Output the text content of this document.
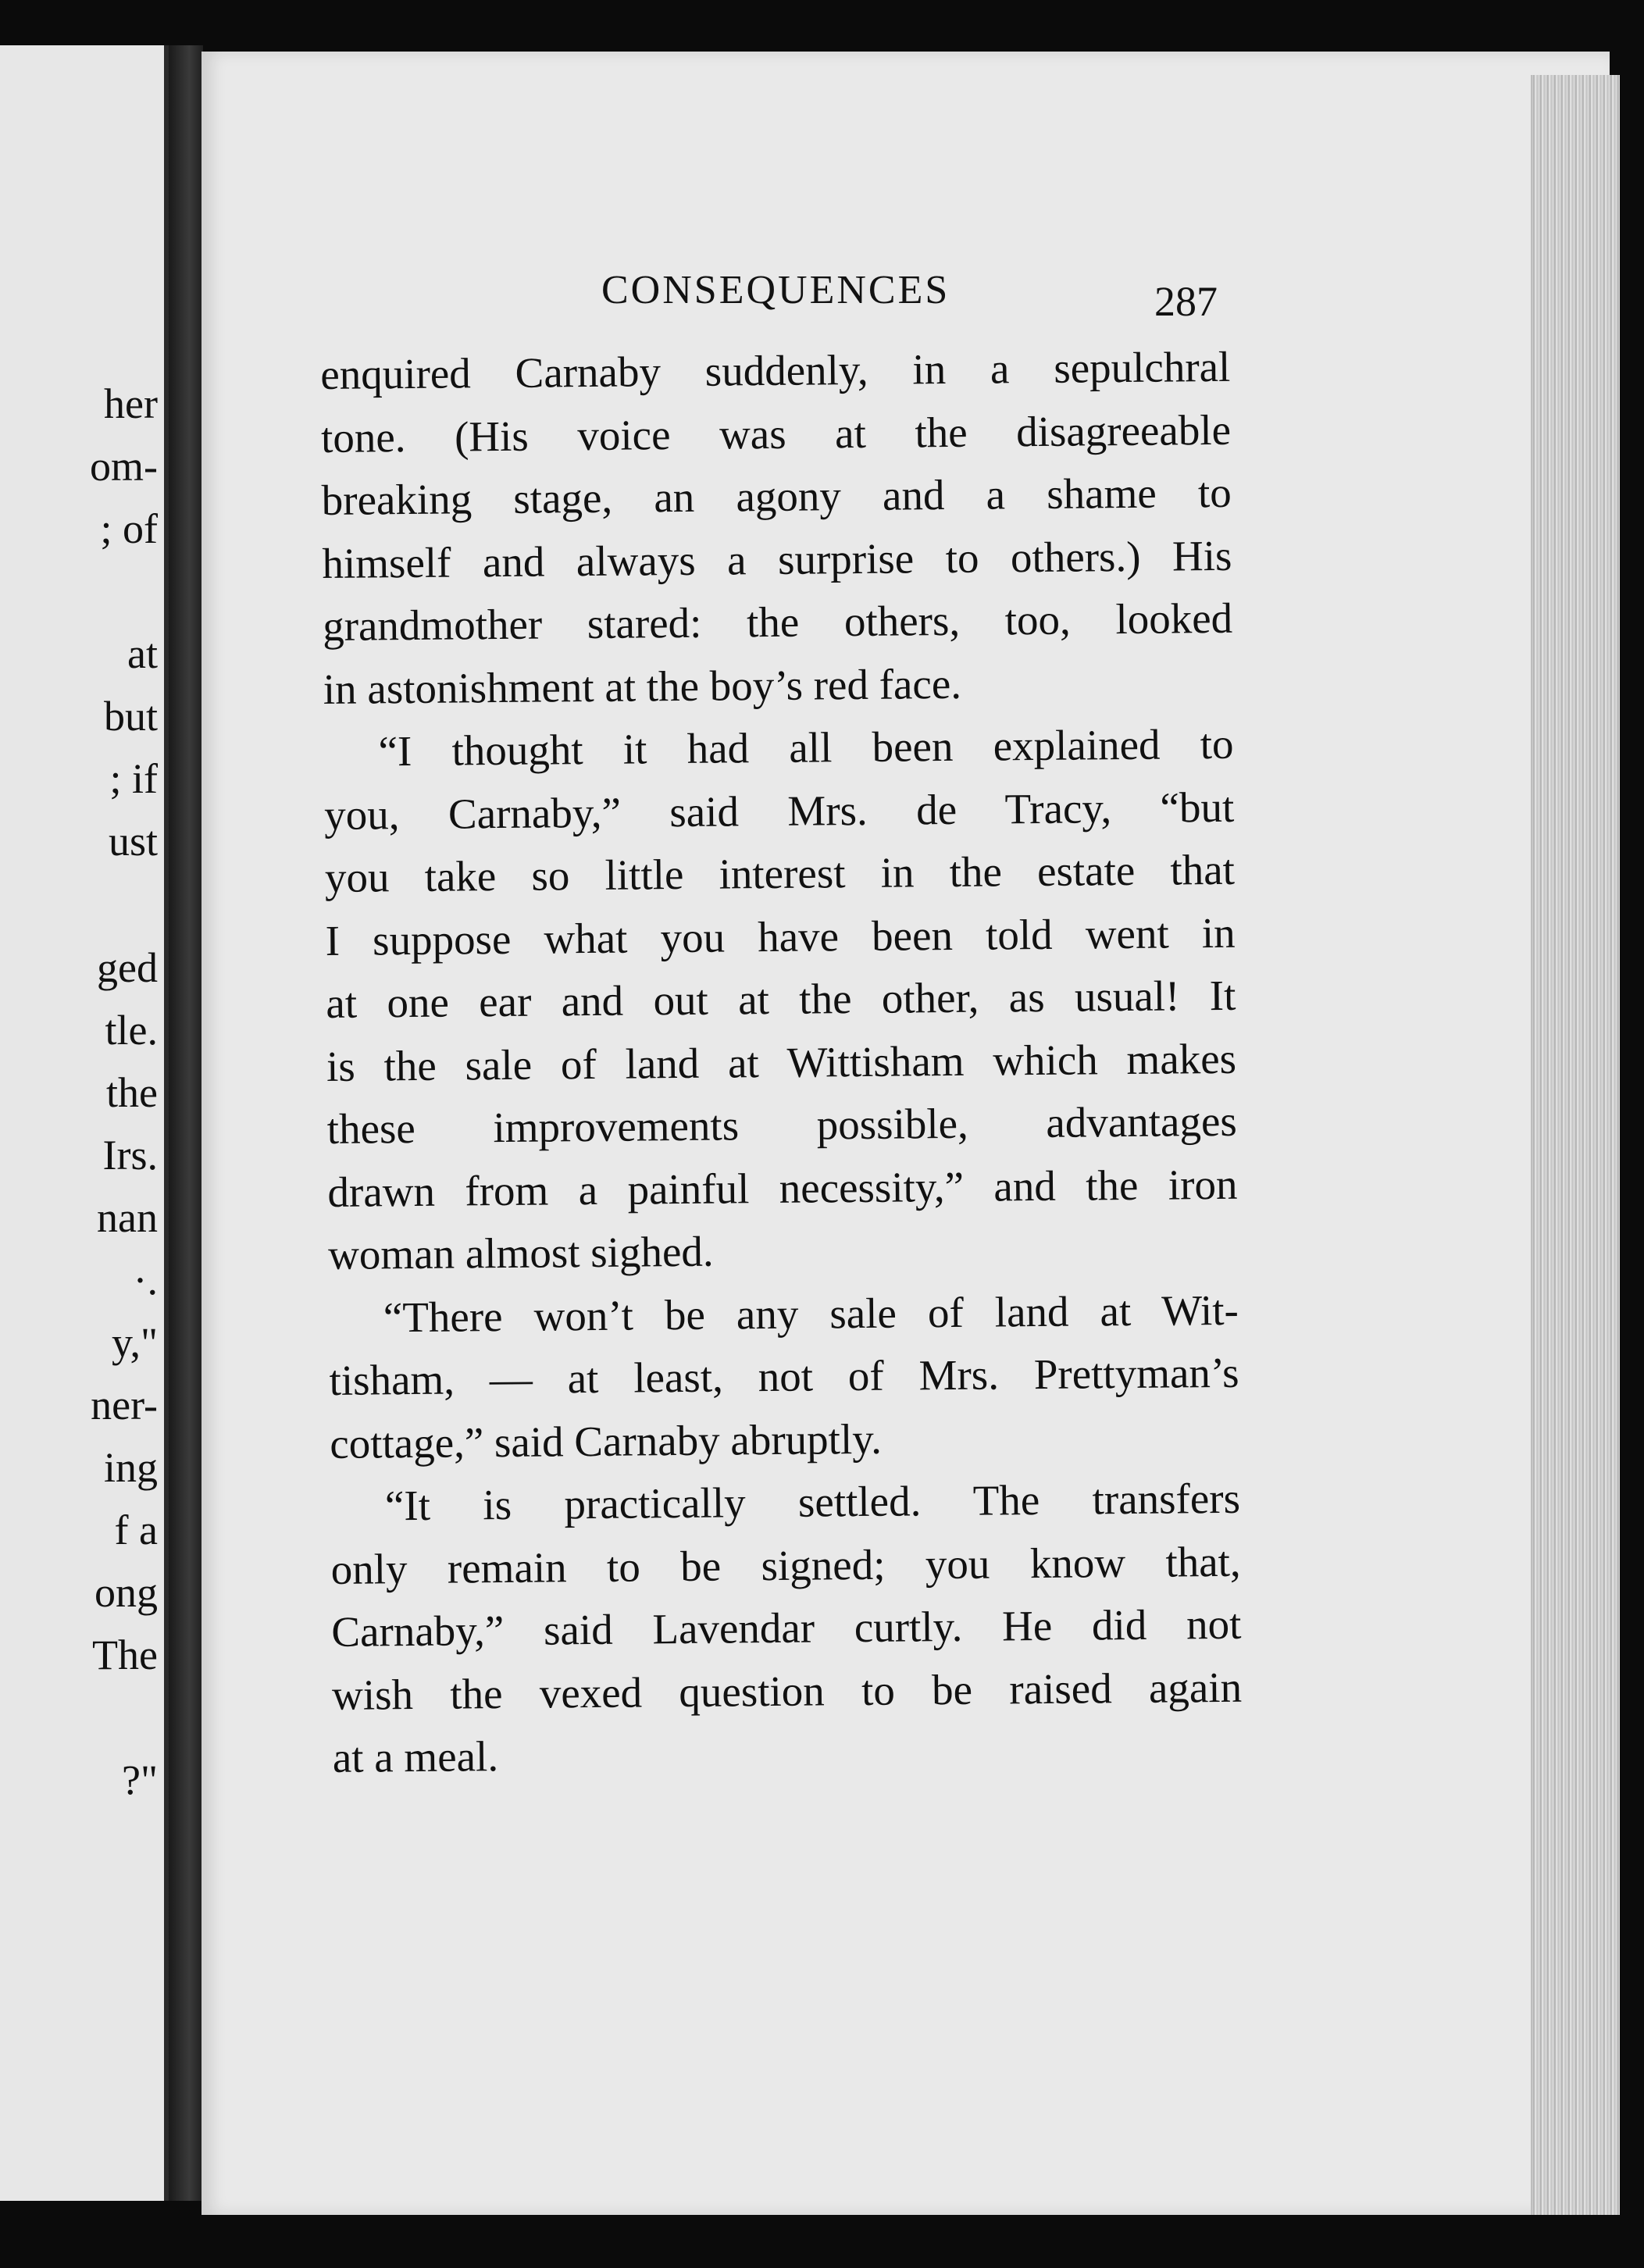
her
om-
; of
at
but
; if
ust
ged
tle.
the
Irs.
nan
·.
y,"
ner-
ing
f a
ong
The
?"
CONSEQUENCES	287
enquired Carnaby suddenly, in a sepulchral
tone. (His voice was at the disagreeable
breaking stage, an agony and a shame to
himself and always a surprise to others.) His
grandmother stared: the others, too, looked
in astonishment at the boy’s red face.
“I thought it had all been explained to
you, Carnaby,” said Mrs. de Tracy, “but
you take so little interest in the estate that
I suppose what you have been told went in
at one ear and out at the other, as usual! It
is the sale of land at Wittisham which makes
these improvements possible, advantages
drawn from a painful necessity,” and the iron
woman almost sighed.
“There won’t be any sale of land at Wit-
tisham, — at least, not of Mrs. Prettyman’s
cottage,” said Carnaby abruptly.
“It is practically settled. The transfers
only remain to be signed; you know that,
Carnaby,” said Lavendar curtly. He did not
wish the vexed question to be raised again
at a meal.
